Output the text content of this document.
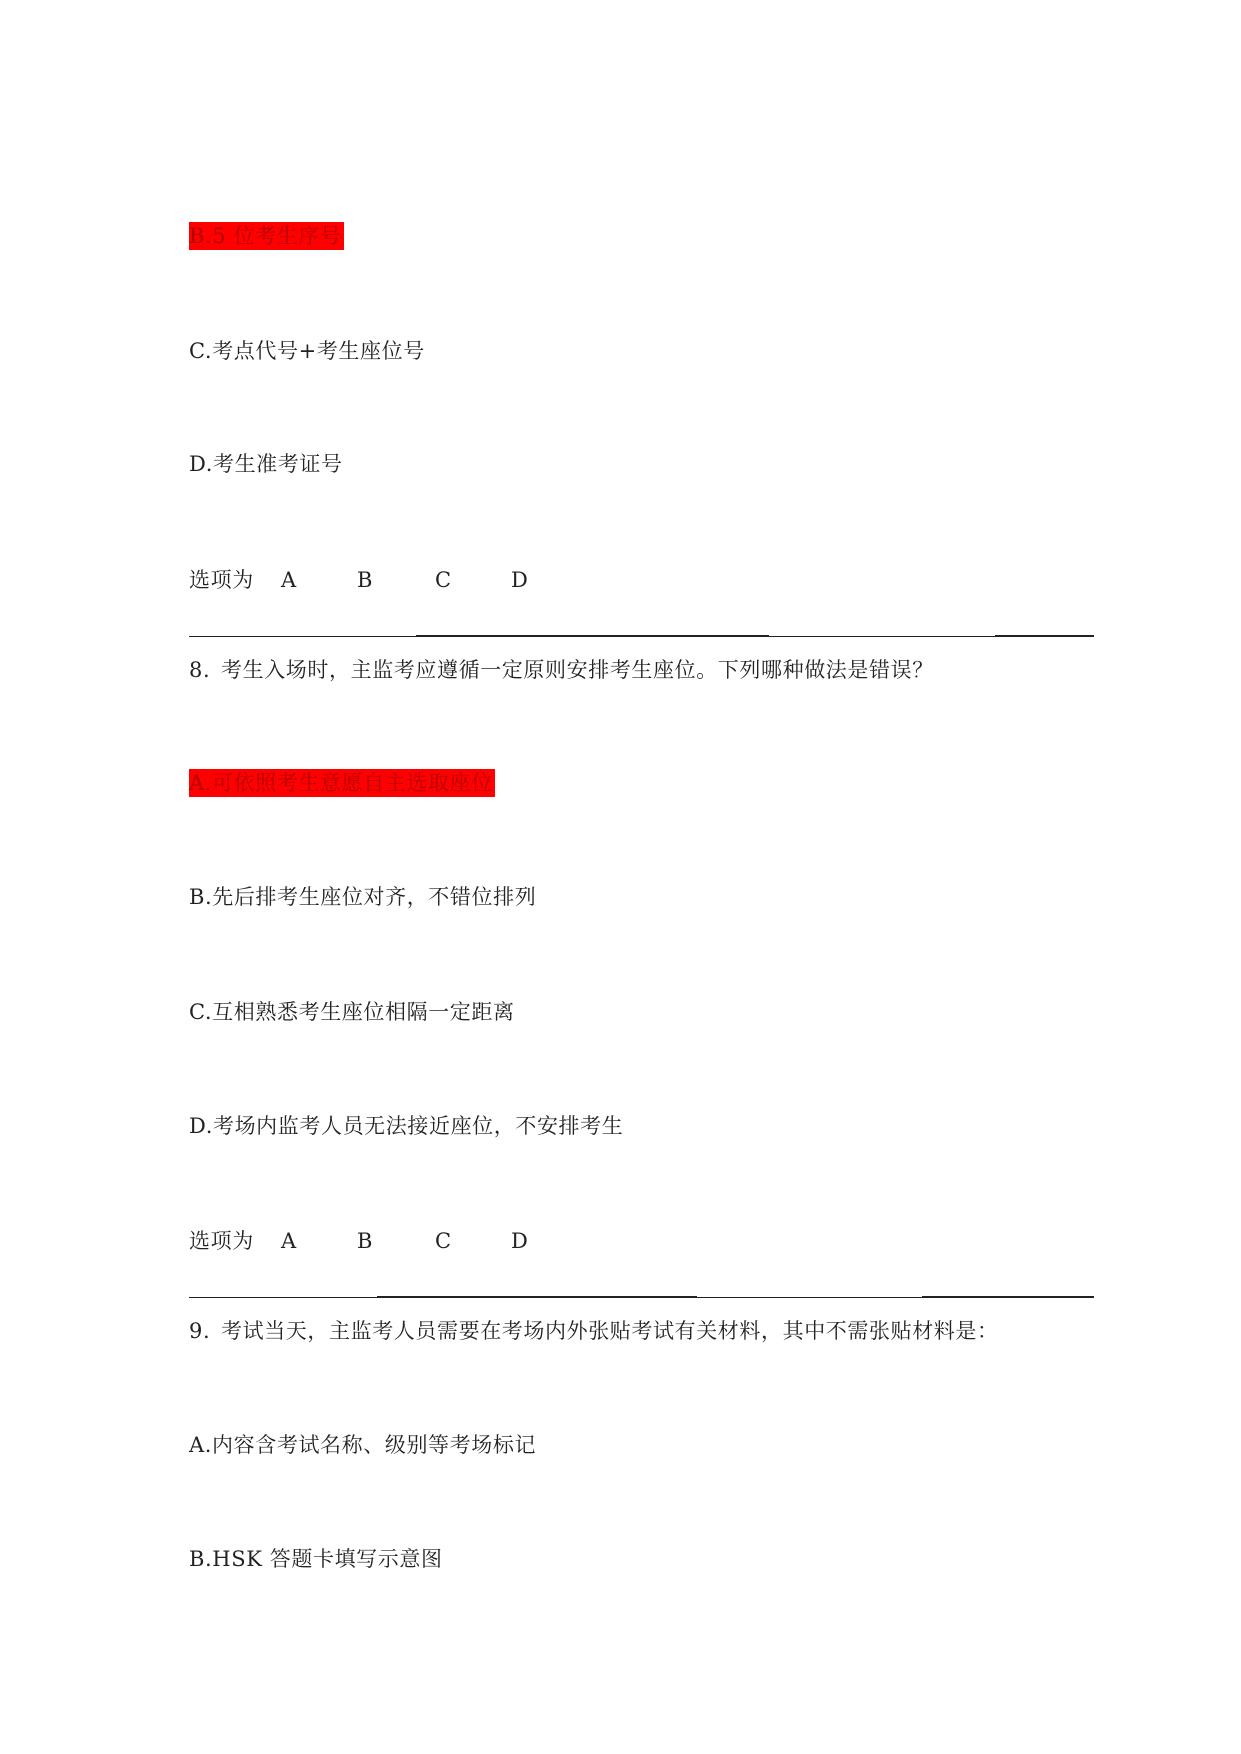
B.5 位考生序号
C.考点代号+考生座位号
D.考生准考证号
选项为 A	B	C	D
8. 考生入场时，主监考应遵循一定原则安排考生座位。下列哪种做法是错误？
A.可依照考生意愿自主选取座位
B.先后排考生座位对齐，不错位排列
C.互相熟悉考生座位相隔一定距离
D.考场内监考人员无法接近座位，不安排考生
选项为 A	B	C	D
9. 考试当天，主监考人员需要在考场内外张贴考试有关材料，其中不需张贴材料是：
A.内容含考试名称、级别等考场标记
B.HSK 答题卡填写示意图
